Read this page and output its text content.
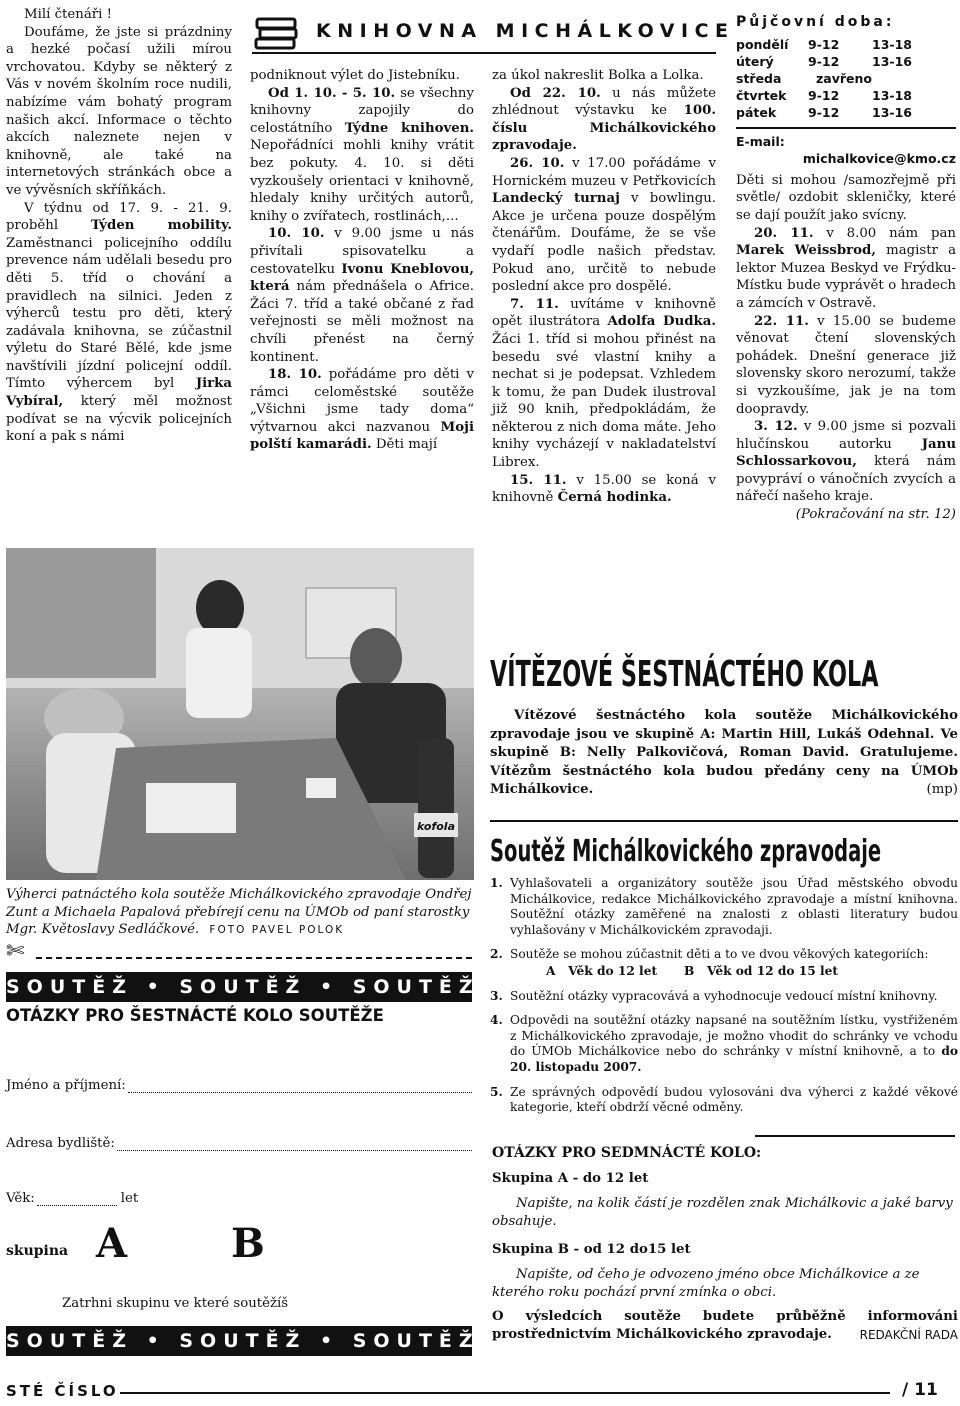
Milí čtenáři !

Doufáme, že jste si prázdniny a hezké počasí užili mírou vrchovatou. Kdyby se některý z Vás v novém školním roce nudili, nabízíme vám bohatý program našich akcí. Informace o těchto akcích naleznete nejen v knihovně, ale také na internetových stránkách obce a ve vývěsních skříňkách.

V týdnu od 17. 9. - 21. 9. proběhl Týden mobility. Zaměstnanci policejního oddílu prevence nám udělali besedu pro děti 5. tříd o chování a pravidlech na silnici. Jeden z výherců testu pro děti, který zadávala knihovna, se zúčastnil výletu do Staré Bělé, kde jsme navštívili jízdní policejní oddíl. Tímto výhercem byl Jirka Vybíral, který měl možnost podívat se na výcvik policejních koní a pak s námi

KNIHOVNA MICHÁLKOVICE

podniknout výlet do Jistebníku.

Od 1. 10. - 5. 10. se všechny knihovny zapojily do celostátního Týdne knihoven. Nepořádníci mohli knihy vrátit bez pokuty. 4. 10. si děti vyzkoušely orientaci v knihovně, hledaly knihy určitých autorů, knihy o zvířatech, rostlinách,...

10. 10. v 9.00 jsme u nás přivítali spisovatelku a cestovatelku Ivonu Kneblovou, která nám přednášela o Africe. Žáci 7. tříd a také občané z řad veřejnosti se měli možnost na chvíli přenést na černý kontinent.

18. 10. pořádáme pro děti v rámci celoměstské soutěže „Všichni jsme tady doma“ výtvarnou akci nazvanou Moji polští kamarádi. Děti mají

za úkol nakreslit Bolka a Lolka.

Od 22. 10. u nás můžete zhlédnout výstavku ke 100. číslu Michálkovického zpravodaje.

26. 10. v 17.00 pořádáme v Hornickém muzeu v Petřkovicích Landecký turnaj v bowlingu. Akce je určena pouze dospělým čtenářům. Doufáme, že se vše vydaří podle našich představ. Pokud ano, určitě to nebude poslední akce pro dospělé.

7. 11. uvítáme v knihovně opět ilustrátora Adolfa Dudka. Žáci 1. tříd si mohou přinést na besedu své vlastní knihy a nechat si je podepsat. Vzhledem k tomu, že pan Dudek ilustroval již 90 knih, předpokládám, že některou z nich doma máte. Jeho knihy vycházejí v nakladatelství Librex.

15. 11. v 15.00 se koná v knihovně Černá hodinka.

Půjčovní doba:
pondělí	9-12	13-18
úterý	9-12	13-16
středa	zavřeno	
čtvrtek	9-12	13-18
pátek	9-12	13-16
E-mail:
michalkovice@kmo.cz

Děti si mohou /samozřejmě při světle/ ozdobit skleničky, které se dají použít jako svícny.

20. 11. v 8.00 nám pan Marek Weissbrod, magistr a lektor Muzea Beskyd ve Frýdku-Místku bude vyprávět o hradech a zámcích v Ostravě.

22. 11. v 15.00 se budeme věnovat čtení slovenských pohádek. Dnešní generace již slovensky skoro nerozumí, takže si vyzkoušíme, jak je na tom doopravdy.

3. 12. v 9.00 jsme si pozvali hlučínskou autorku Janu Schlossarkovou, která nám povypráví o vánočních zvycích a nářečí našeho kraje.

(Pokračování na str. 12)

kofola
Výherci patnáctého kola soutěže Michálkovického zpravodaje Ondřej Zunt a Michaela Papalová přebírejí cenu na ÚMOb od paní starostky Mgr. Květoslavy Sedláčkové. FOTO PAVEL POLOK
✄
SOUTĚŽ • SOUTĚŽ • SOUTĚŽ
OTÁZKY PRO ŠESTNÁCTÉ KOLO SOUTĚŽE
Jméno a příjmení:
Adresa bydliště:
Věk:	let
skupina A	B
Zatrhni skupinu ve které soutěžíš
SOUTĚŽ • SOUTĚŽ • SOUTĚŽ
VÍTĚZOVÉ ŠESTNÁCTÉHO KOLA
Vítězové šestnáctého kola soutěže Michálkovického zpravodaje jsou ve skupině A: Martin Hill, Lukáš Odehnal. Ve skupině B: Nelly Palkovičová, Roman David. Gratulujeme. Vítězům šestnáctého kola budou předány ceny na ÚMOb Michálkovice.	(mp)
Soutěž Michálkovického zpravodaje
1. Vyhlašovateli a organizátory soutěže jsou Úřad městského obvodu Michálkovice, redakce Michálkovického zpravodaje a místní knihovna. Soutěžní otázky zaměřené na znalosti z oblasti literatury budou vyhlašovány v Michálkovickém zpravodaji.
2. Soutěže se mohou zúčastnit děti a to ve dvou věkových kategoriích:
A   Věk do 12 let	B   Věk od 12 do 15 let
3. Soutěžní otázky vypracovává a vyhodnocuje vedoucí místní knihovny.
4. Odpovědi na soutěžní otázky napsané na soutěžním lístku, vystřiženém z Michálkovického zpravodaje, je možno vhodit do schránky ve vchodu do ÚMOb Michálkovice nebo do schránky v místní knihovně, a to do 20. listopadu 2007.
5. Ze správných odpovědí budou vylosováni dva výherci z každé věkové kategorie, kteří obdrží věcné odměny.
OTÁZKY PRO SEDMNÁCTÉ KOLO:
Skupina A - do 12 let
Napište, na kolik částí je rozdělen znak Michálkovic a jaké barvy obsahuje.
Skupina B - od 12 do15 let
Napište, od čeho je odvozeno jméno obce Michálkovice a ze kterého roku pochází první zmínka o obci.
O výsledcích soutěže budete průběžně informováni prostřednictvím Michálkovického zpravodaje. REDAKČNÍ RADA
STÉ ČÍSLO	/ 11
